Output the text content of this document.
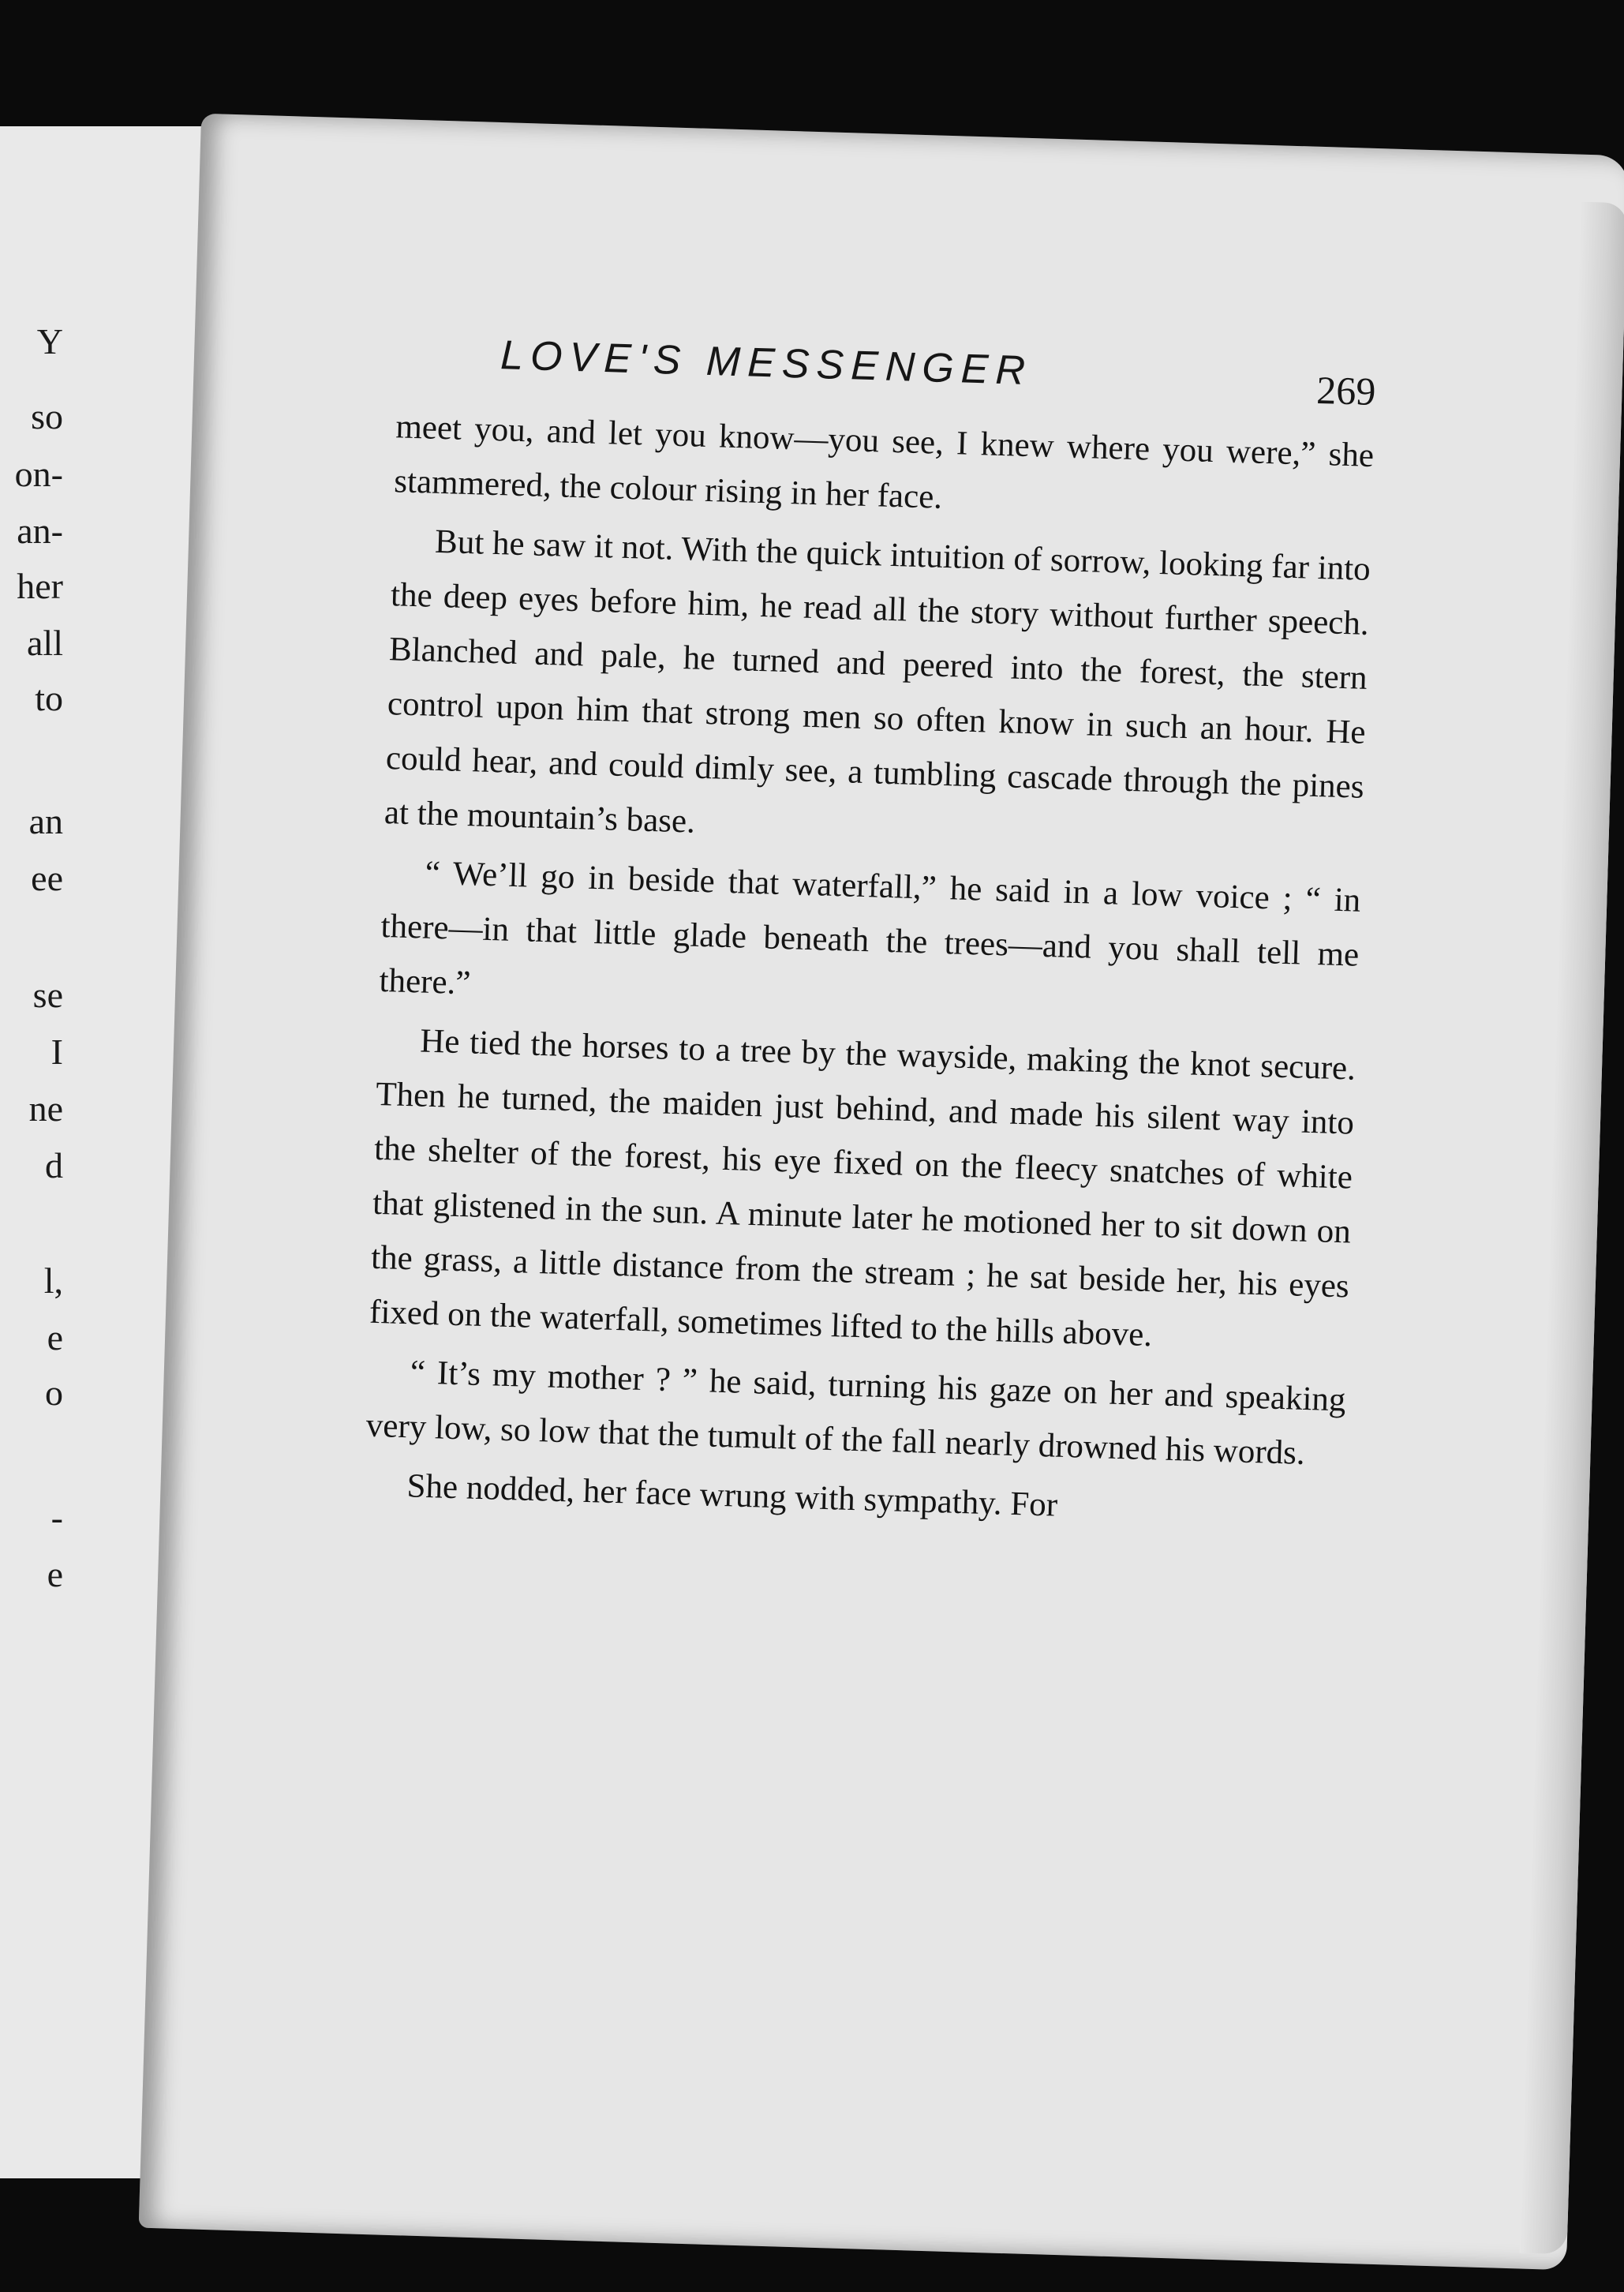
Y
so
on-
an-
her
all
to
an
ee
se
I
ne
d
l,
e
o
-
e
LOVE'S MESSENGER	269

meet you, and let you know—you see, I knew where you were,” she stammered, the colour rising in her face.

But he saw it not. With the quick intuition of sorrow, looking far into the deep eyes before him, he read all the story without further speech. Blanched and pale, he turned and peered into the forest, the stern control upon him that strong men so often know in such an hour. He could hear, and could dimly see, a tumbling cascade through the pines at the mountain’s base.

“ We’ll go in beside that waterfall,” he said in a low voice ; “ in there—in that little glade beneath the trees—and you shall tell me there.”

He tied the horses to a tree by the wayside, making the knot secure. Then he turned, the maiden just behind, and made his silent way into the shelter of the forest, his eye fixed on the fleecy snatches of white that glistened in the sun. A minute later he motioned her to sit down on the grass, a little distance from the stream ; he sat beside her, his eyes fixed on the waterfall, sometimes lifted to the hills above.

“ It’s my mother ? ” he said, turning his gaze on her and speaking very low, so low that the tumult of the fall nearly drowned his words.

She nodded, her face wrung with sympathy. For
